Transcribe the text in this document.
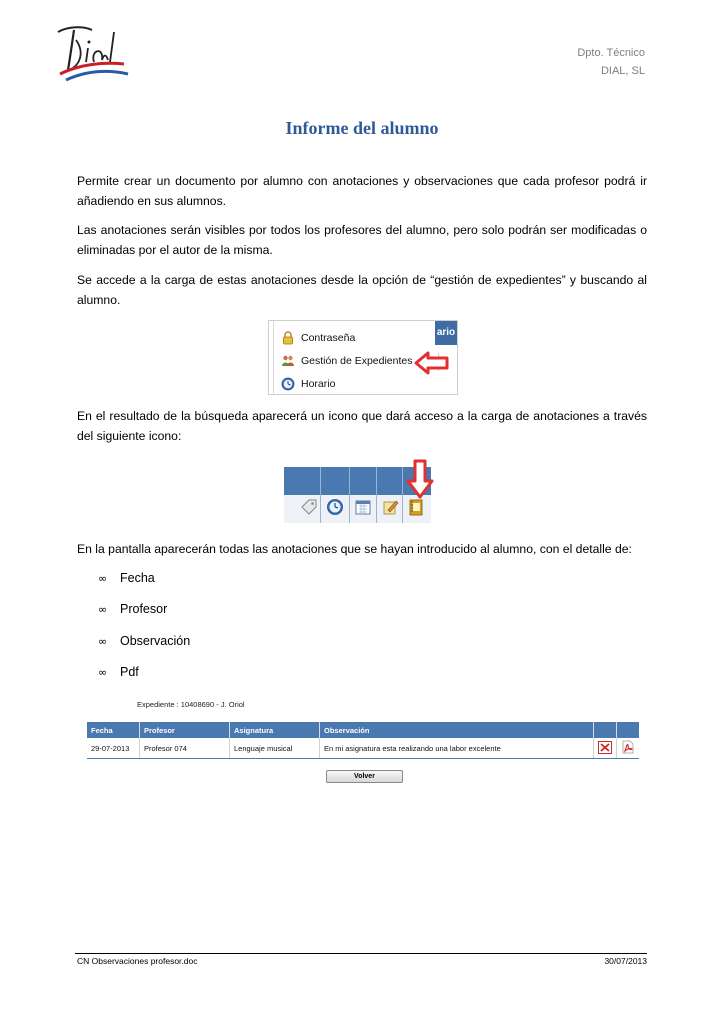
Dpto. Técnico
DIAL, SL
Informe del alumno
Permite crear un documento por alumno con anotaciones y observaciones que cada profesor podrá ir añadiendo en sus alumnos.
Las anotaciones serán visibles por todos los profesores del alumno, pero solo podrán ser modificadas o eliminadas por el autor de la misma.
Se accede a la carga de estas anotaciones desde la opción de “gestión de expedientes” y buscando al alumno.
ario
Contraseña
Gestión de Expedientes
Horario
En el resultado de la búsqueda aparecerá un icono que dará acceso a la carga de anotaciones a través del siguiente icono:
En la pantalla aparecerán todas las anotaciones que se hayan introducido al alumno, con el detalle de:
∞ Fecha
∞ Profesor
∞ Observación
∞ Pdf
Expediente : 10408690 - J. Oriol
Fecha	Profesor	Asignatura	Observación		
29-07-2013	Profesor 074	Lenguaje musical	En mi asignatura esta realizando una labor excelente		
Volver
CN Observaciones profesor.doc	30/07/2013
